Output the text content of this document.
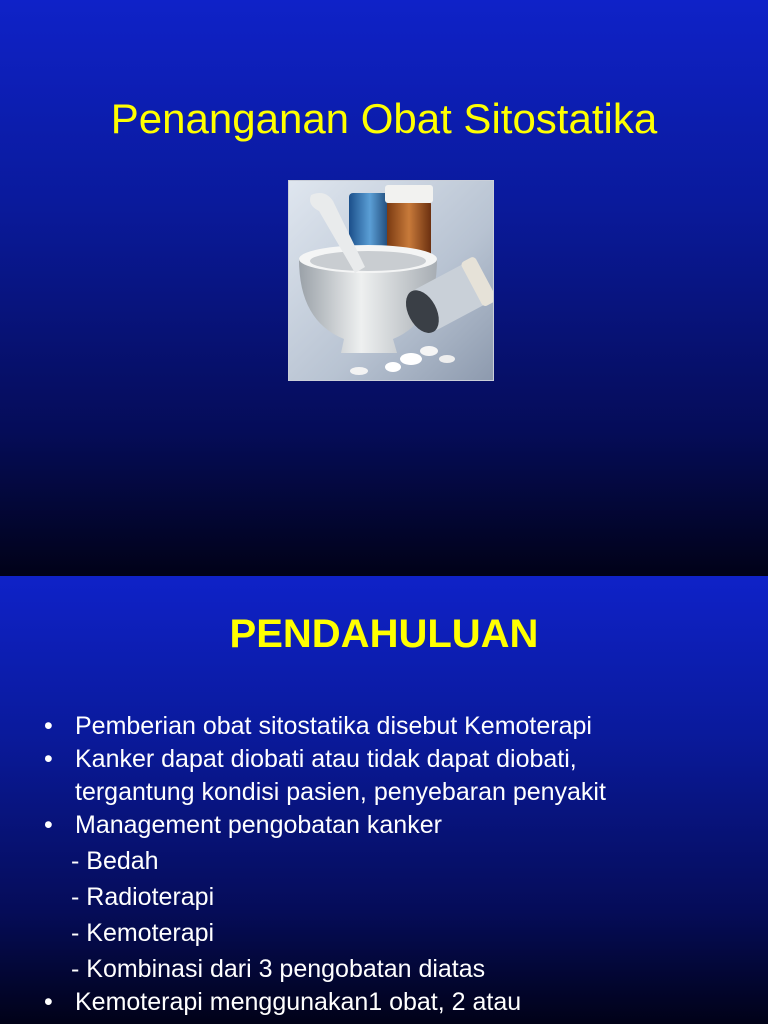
Penanganan Obat Sitostatika
PENDAHULUAN
• Pemberian obat sitostatika disebut Kemoterapi
• Kanker dapat diobati atau tidak dapat diobati,
tergantung kondisi pasien, penyebaran penyakit
• Management pengobatan kanker
- Bedah
- Radioterapi
- Kemoterapi
- Kombinasi dari 3 pengobatan diatas
• Kemoterapi menggunakan1 obat, 2 atau
